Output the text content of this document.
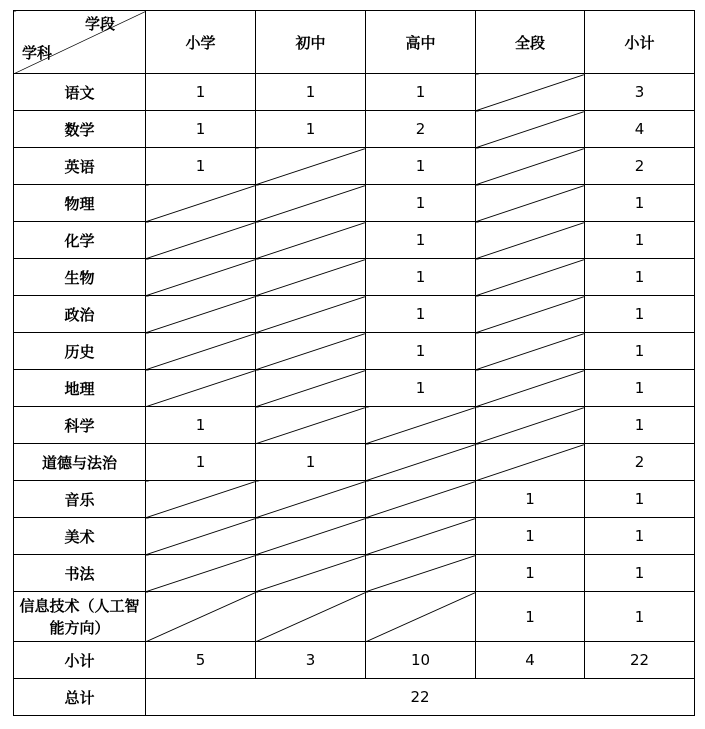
学段
学科	小学	初中	高中	全段	小计
语文	1	1	1		3
数学	1	1	2		4
英语	1		1		2
物理			1		1
化学			1		1
生物			1		1
政治			1		1
历史			1		1
地理			1		1
科学	1				1
道德与法治	1	1			2
音乐				1	1
美术				1	1
书法				1	1
信息技术（人工智能方向）				1	1
小计	5	3	10	4	22
总计	22				
